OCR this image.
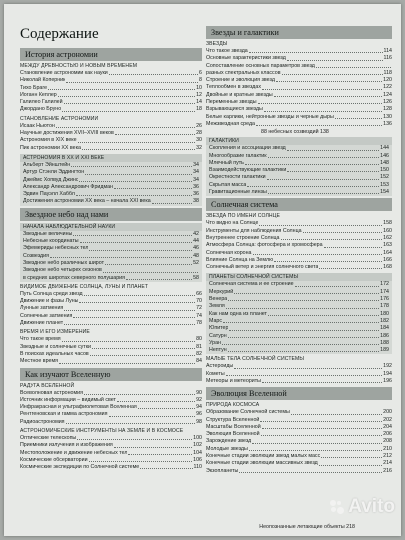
Содержание
История астрономии
МЕЖДУ ДРЕВНОСТЬЮ И НОВЫМ ВРЕМЕНЕМ
Становление астрономии как науки	6
Николай Коперник	8
Тихо Браге	10
Иоганн Кеплер	12
Галилео Галилей	14
Джордано Бруно	18
СТАНОВЛЕНИЕ АСТРОНОМИИ
Исаак Ньютон	26
Научные достижения XVII–XVIII веков	28
Астрономия в XIX веке	30
Пик астрономии XX века	32
АСТРОНОМИЯ В XX И XXI ВЕКЕ
Альберт Эйнштейн	34
Артур Стэнли Эддингтон	34
Джеймс Хопвуд Джинс	34
Александр Александрович Фридман	36
Эдвин Пауэлл Хаббл	36
Достижения астрономии XX века – начала XXI века	38
Звездное небо над нами
НАЧАЛА НАБЛЮДАТЕЛЬНОЙ НАУКИ
Звездные величины	42
Небесные координаты	44
Эфемериды небесных тел	46
Созвездия	48
Звездное небо различных широт	52
Звездное небо четырех сезонов
в средних широтах северного полушария	58
ВИДИМОЕ ДВИЖЕНИЕ СОЛНЦА, ЛУНЫ И ПЛАНЕТ
Путь Солнца среди звезд	66
Движение и фазы Луны	70
Лунные затмения	72
Солнечные затмения	74
Движение планет	78
ВРЕМЯ И ЕГО ИЗМЕРЕНИЕ
Что такое время	80
Звездные и солнечные сутки	81
В поисках идеальных часов	82
Местное время	84
Как изучают Вселенную
РАДУГА ВСЕЛЕННОЙ
Всеволновая астрономия	90
Источник информации – видимый свет	92
Инфракрасная и ультрафиолетовая Вселенная	94
Рентгеновская и гамма астрономия	96
Радиоастрономия	98
АСТРОНОМИЧЕСКИЕ ИНСТРУМЕНТЫ НА ЗЕМЛЕ И В КОСМОСЕ
Оптические телескопы	100
Приемники излучения и изображения	102
Местоположение и движение небесных тел	104
Космические обсерватории	106
Космические экспедиции по Солнечной системе	110
Звезды и галактики
ЗВЕЗДЫ
Что такое звезда	114
Основные характеристики звезд	116
Сопоставление основных параметров звезд
разных спектральных классов	118
Строение и эволюция звезд	120
Теплообмен в звездах	122
Двойные и кратные звезды	124
Переменные звезды	126
Взрывающиеся звезды	128
Белые карлики, нейтронные звезды и черные дыры	130
Межзвездная среда	136
88 небесных созвездий 138
ГАЛАКТИКИ
Скопления и ассоциации звезд	144
Многообразие галактик	146
Млечный путь	148
Взаимодействующие галактики	150
Окрестности галактики	152
Скрытая масса	153
Гравитационные линзы	154
Солнечная система
ЗВЕЗДА ПО ИМЕНИ СОЛНЦЕ
Что видно на Солнце	158
Инструменты для наблюдения Солнца	160
Внутреннее строение Солнца	162
Атмосфера Солнца: фотосфера и хромосфера	163
Солнечная корона	164
Влияние Солнца на Землю	166
Солнечный ветер и энергия солнечного света	168
ПЛАНЕТЫ СОЛНЕЧНОЙ СИСТЕМЫ
Солнечная система и ее строение	172
Меркурий	174
Венера	176
Земля	178
Как нам одна из планет	180
Марс	182
Юпитер	184
Сатурн	186
Уран	188
Нептун	189
МАЛЫЕ ТЕЛА СОЛНЕЧНОЙ СИСТЕМЫ
Астероиды	192
Кометы	194
Метеоры и метеориты	196
Эволюция Вселенной
ПРИРОДА КОСМОСА
Образование Солнечной системы	200
Структура Вселенной	202
Масштабы Вселенной	204
Эволюция Вселенной	206
Зарождение звезд	208
Молодые звезды	210
Конечные стадии эволюции звезд малых масс	212
Конечные стадии эволюции массивных звезд	214
Экзопланеты	216
Неопознанные летающие объекты 218
Avito
